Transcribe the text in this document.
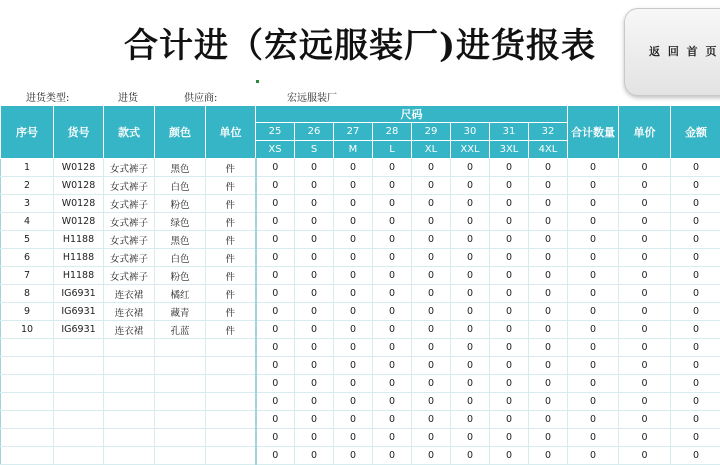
合计进（宏远服装厂)进货报表	返 回 首 页
进货类型:	进货	供应商:	宏远服装厂
序号	货号	款式	颜色	单位	尺码								合计数量	单价	金额
					25	26	27	28	29	30	31	32			
					XS	S	M	L	XL	XXL	3XL	4XL			
1	W0128	女式裤子	黑色	件	0	0	0	0	0	0	0	0	0	0	0
2	W0128	女式裤子	白色	件	0	0	0	0	0	0	0	0	0	0	0
3	W0128	女式裤子	粉色	件	0	0	0	0	0	0	0	0	0	0	0
4	W0128	女式裤子	绿色	件	0	0	0	0	0	0	0	0	0	0	0
5	H1188	女式裤子	黑色	件	0	0	0	0	0	0	0	0	0	0	0
6	H1188	女式裤子	白色	件	0	0	0	0	0	0	0	0	0	0	0
7	H1188	女式裤子	粉色	件	0	0	0	0	0	0	0	0	0	0	0
8	IG6931	连衣裙	橘红	件	0	0	0	0	0	0	0	0	0	0	0
9	IG6931	连衣裙	藏青	件	0	0	0	0	0	0	0	0	0	0	0
10	IG6931	连衣裙	孔蓝	件	0	0	0	0	0	0	0	0	0	0	0
					0	0	0	0	0	0	0	0	0	0	0
					0	0	0	0	0	0	0	0	0	0	0
					0	0	0	0	0	0	0	0	0	0	0
					0	0	0	0	0	0	0	0	0	0	0
					0	0	0	0	0	0	0	0	0	0	0
					0	0	0	0	0	0	0	0	0	0	0
					0	0	0	0	0	0	0	0	0	0	0
